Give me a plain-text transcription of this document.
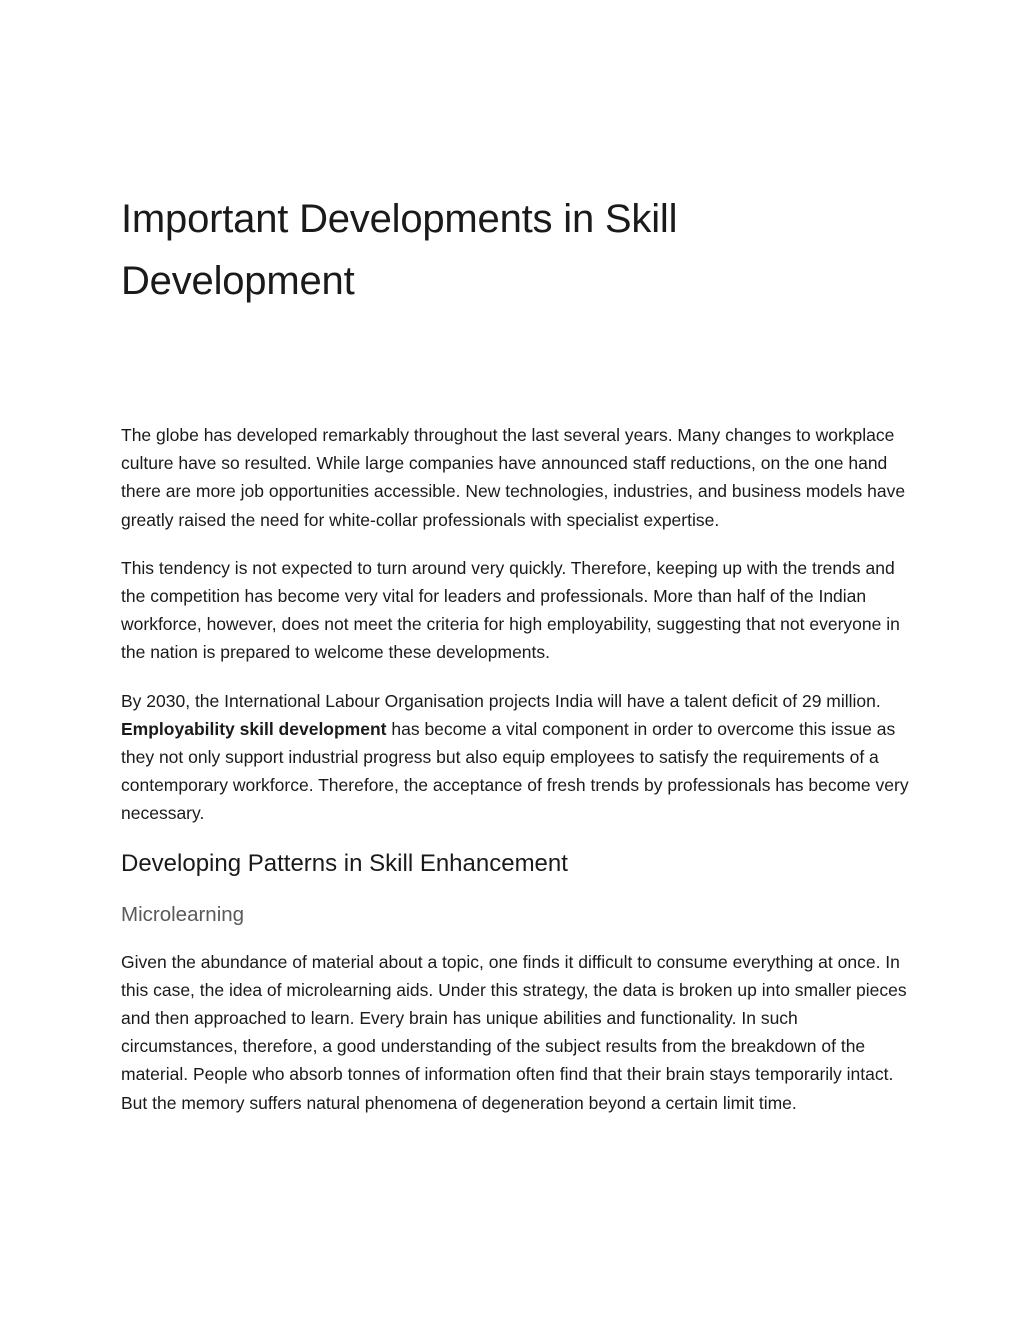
Important Developments in Skill Development

The globe has developed remarkably throughout the last several years. Many changes to workplace culture have so resulted. While large companies have announced staff reductions, on the one hand there are more job opportunities accessible. New technologies, industries, and business models have greatly raised the need for white-collar professionals with specialist expertise.

This tendency is not expected to turn around very quickly. Therefore, keeping up with the trends and the competition has become very vital for leaders and professionals. More than half of the Indian workforce, however, does not meet the criteria for high employability, suggesting that not everyone in the nation is prepared to welcome these developments.

By 2030, the International Labour Organisation projects India will have a talent deficit of 29 million. Employability skill development has become a vital component in order to overcome this issue as they not only support industrial progress but also equip employees to satisfy the requirements of a contemporary workforce. Therefore, the acceptance of fresh trends by professionals has become very necessary.

Developing Patterns in Skill Enhancement
Microlearning

Given the abundance of material about a topic, one finds it difficult to consume everything at once. In this case, the idea of microlearning aids. Under this strategy, the data is broken up into smaller pieces and then approached to learn. Every brain has unique abilities and functionality. In such circumstances, therefore, a good understanding of the subject results from the breakdown of the material. People who absorb tonnes of information often find that their brain stays temporarily intact. But the memory suffers natural phenomena of degeneration beyond a certain limit time.
